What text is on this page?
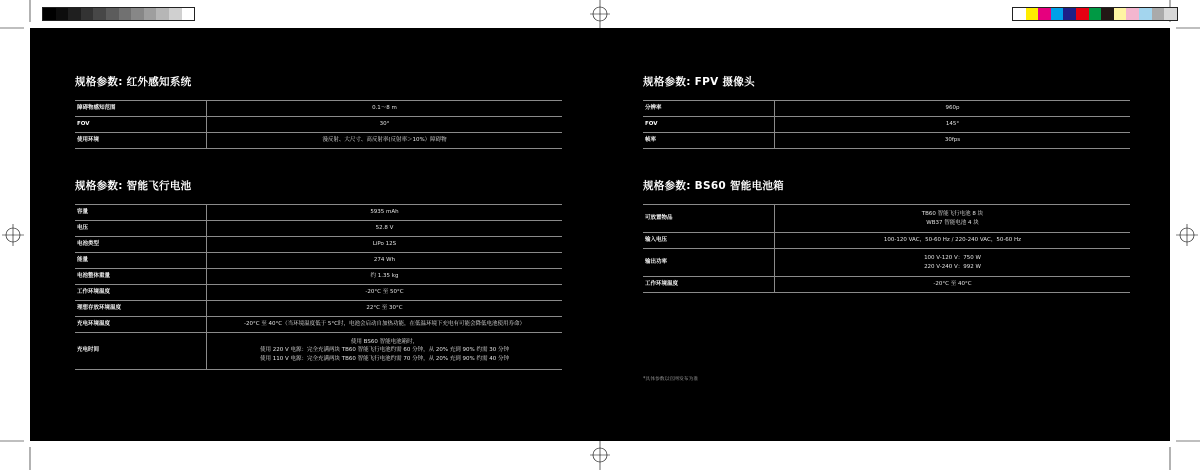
规格参数: 红外感知系统
障碍物感知范围	0.1～8 m

FOV	30°

使用环境	漫反射、大尺寸、高反射率(反射率＞10%）障碍物
规格参数: 智能飞行电池
容量	5935 mAh

电压	52.8 V

电池类型	LiPo 12S

能量	274 Wh

电池整体重量	约 1.35 kg

工作环境温度	-20°C 至 50°C

理想存放环境温度	22°C 至 30°C

充电环境温度	-20°C 至 40°C（当环境温度低于 5°C时，电池会启动自加热功能，在低温环境下充电有可能会降低电池使用寿命）

充电时间	使用 BS60 智能电池箱时，
使用 220 V 电源：完全充满两块 TB60 智能飞行电池约需 60 分钟，从 20% 充到 90% 约需 30 分钟
使用 110 V 电源：完全充满两块 TB60 智能飞行电池约需 70 分钟，从 20% 充到 90% 约需 40 分钟
规格参数: FPV 摄像头
分辨率	960p

FOV	145°

帧率	30fps
规格参数: BS60 智能电池箱
可放置物品	TB60 智能飞行电池 8 块
WB37 智能电池 4 块

输入电压	100-120 VAC，50-60 Hz / 220-240 VAC，50-60 Hz

输出功率	100 V-120 V：750 W
220 V-240 V：992 W

工作环境温度	-20°C 至 40°C
*具体参数以官网发布为准
